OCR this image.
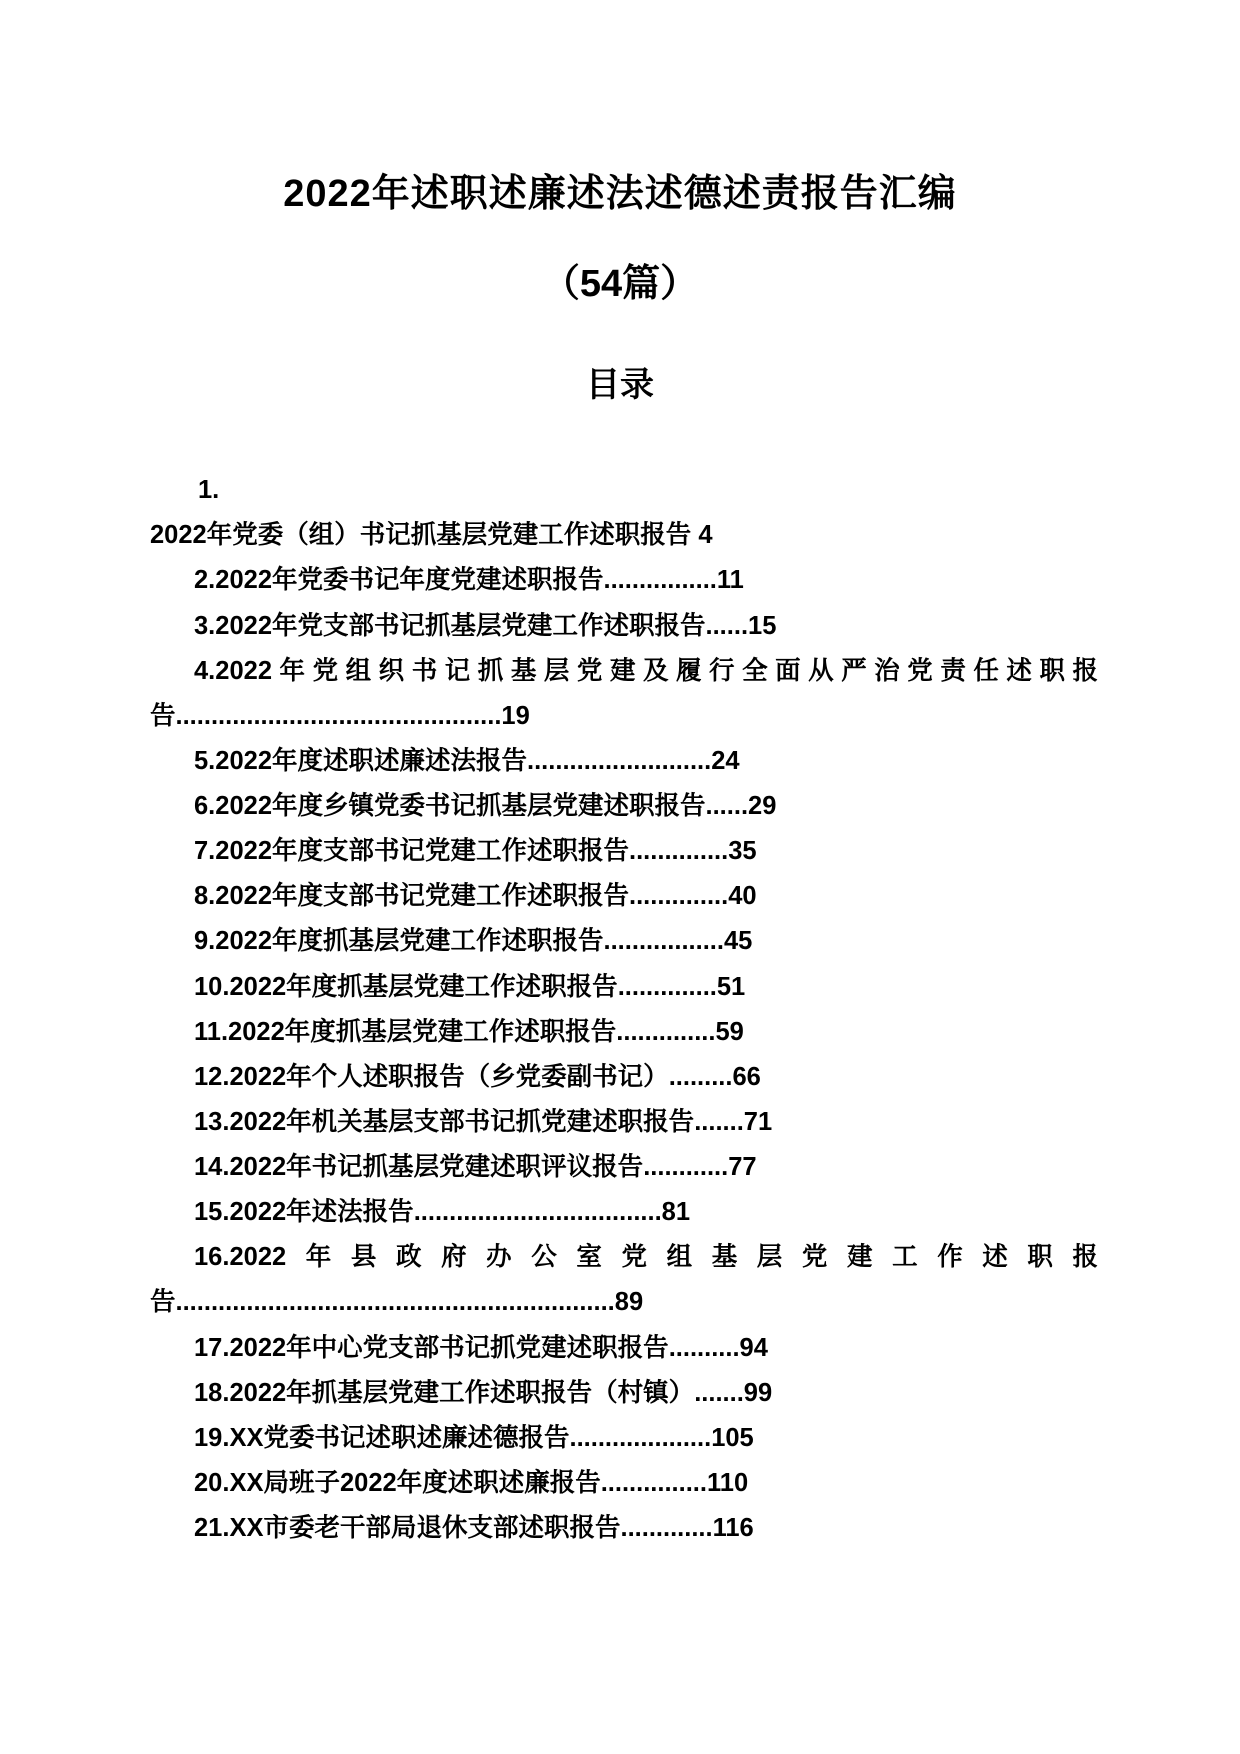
2022年述职述廉述法述德述责报告汇编
（54篇）
目录
1.
2022年党委（组）书记抓基层党建工作述职报告 4
2.2022年党委书记年度党建述职报告................11
3.2022年党支部书记抓基层党建工作述职报告......15
4.2022年党组织书记抓基层党建及履行全面从严治党责任述职报告..............................................19
5.2022年度述职述廉述法报告..........................24
6.2022年度乡镇党委书记抓基层党建述职报告......29
7.2022年度支部书记党建工作述职报告..............35
8.2022年度支部书记党建工作述职报告..............40
9.2022年度抓基层党建工作述职报告.................45
10.2022年度抓基层党建工作述职报告..............51
11.2022年度抓基层党建工作述职报告..............59
12.2022年个人述职报告（乡党委副书记）.........66
13.2022年机关基层支部书记抓党建述职报告.......71
14.2022年书记抓基层党建述职评议报告............77
15.2022年述法报告...................................81
16.2022年县政府办公室党组基层党建工作述职报告..............................................................89
17.2022年中心党支部书记抓党建述职报告..........94
18.2022年抓基层党建工作述职报告（村镇）.......99
19.XX党委书记述职述廉述德报告....................105
20.XX局班子2022年度述职述廉报告...............110
21.XX市委老干部局退休支部述职报告.............116
